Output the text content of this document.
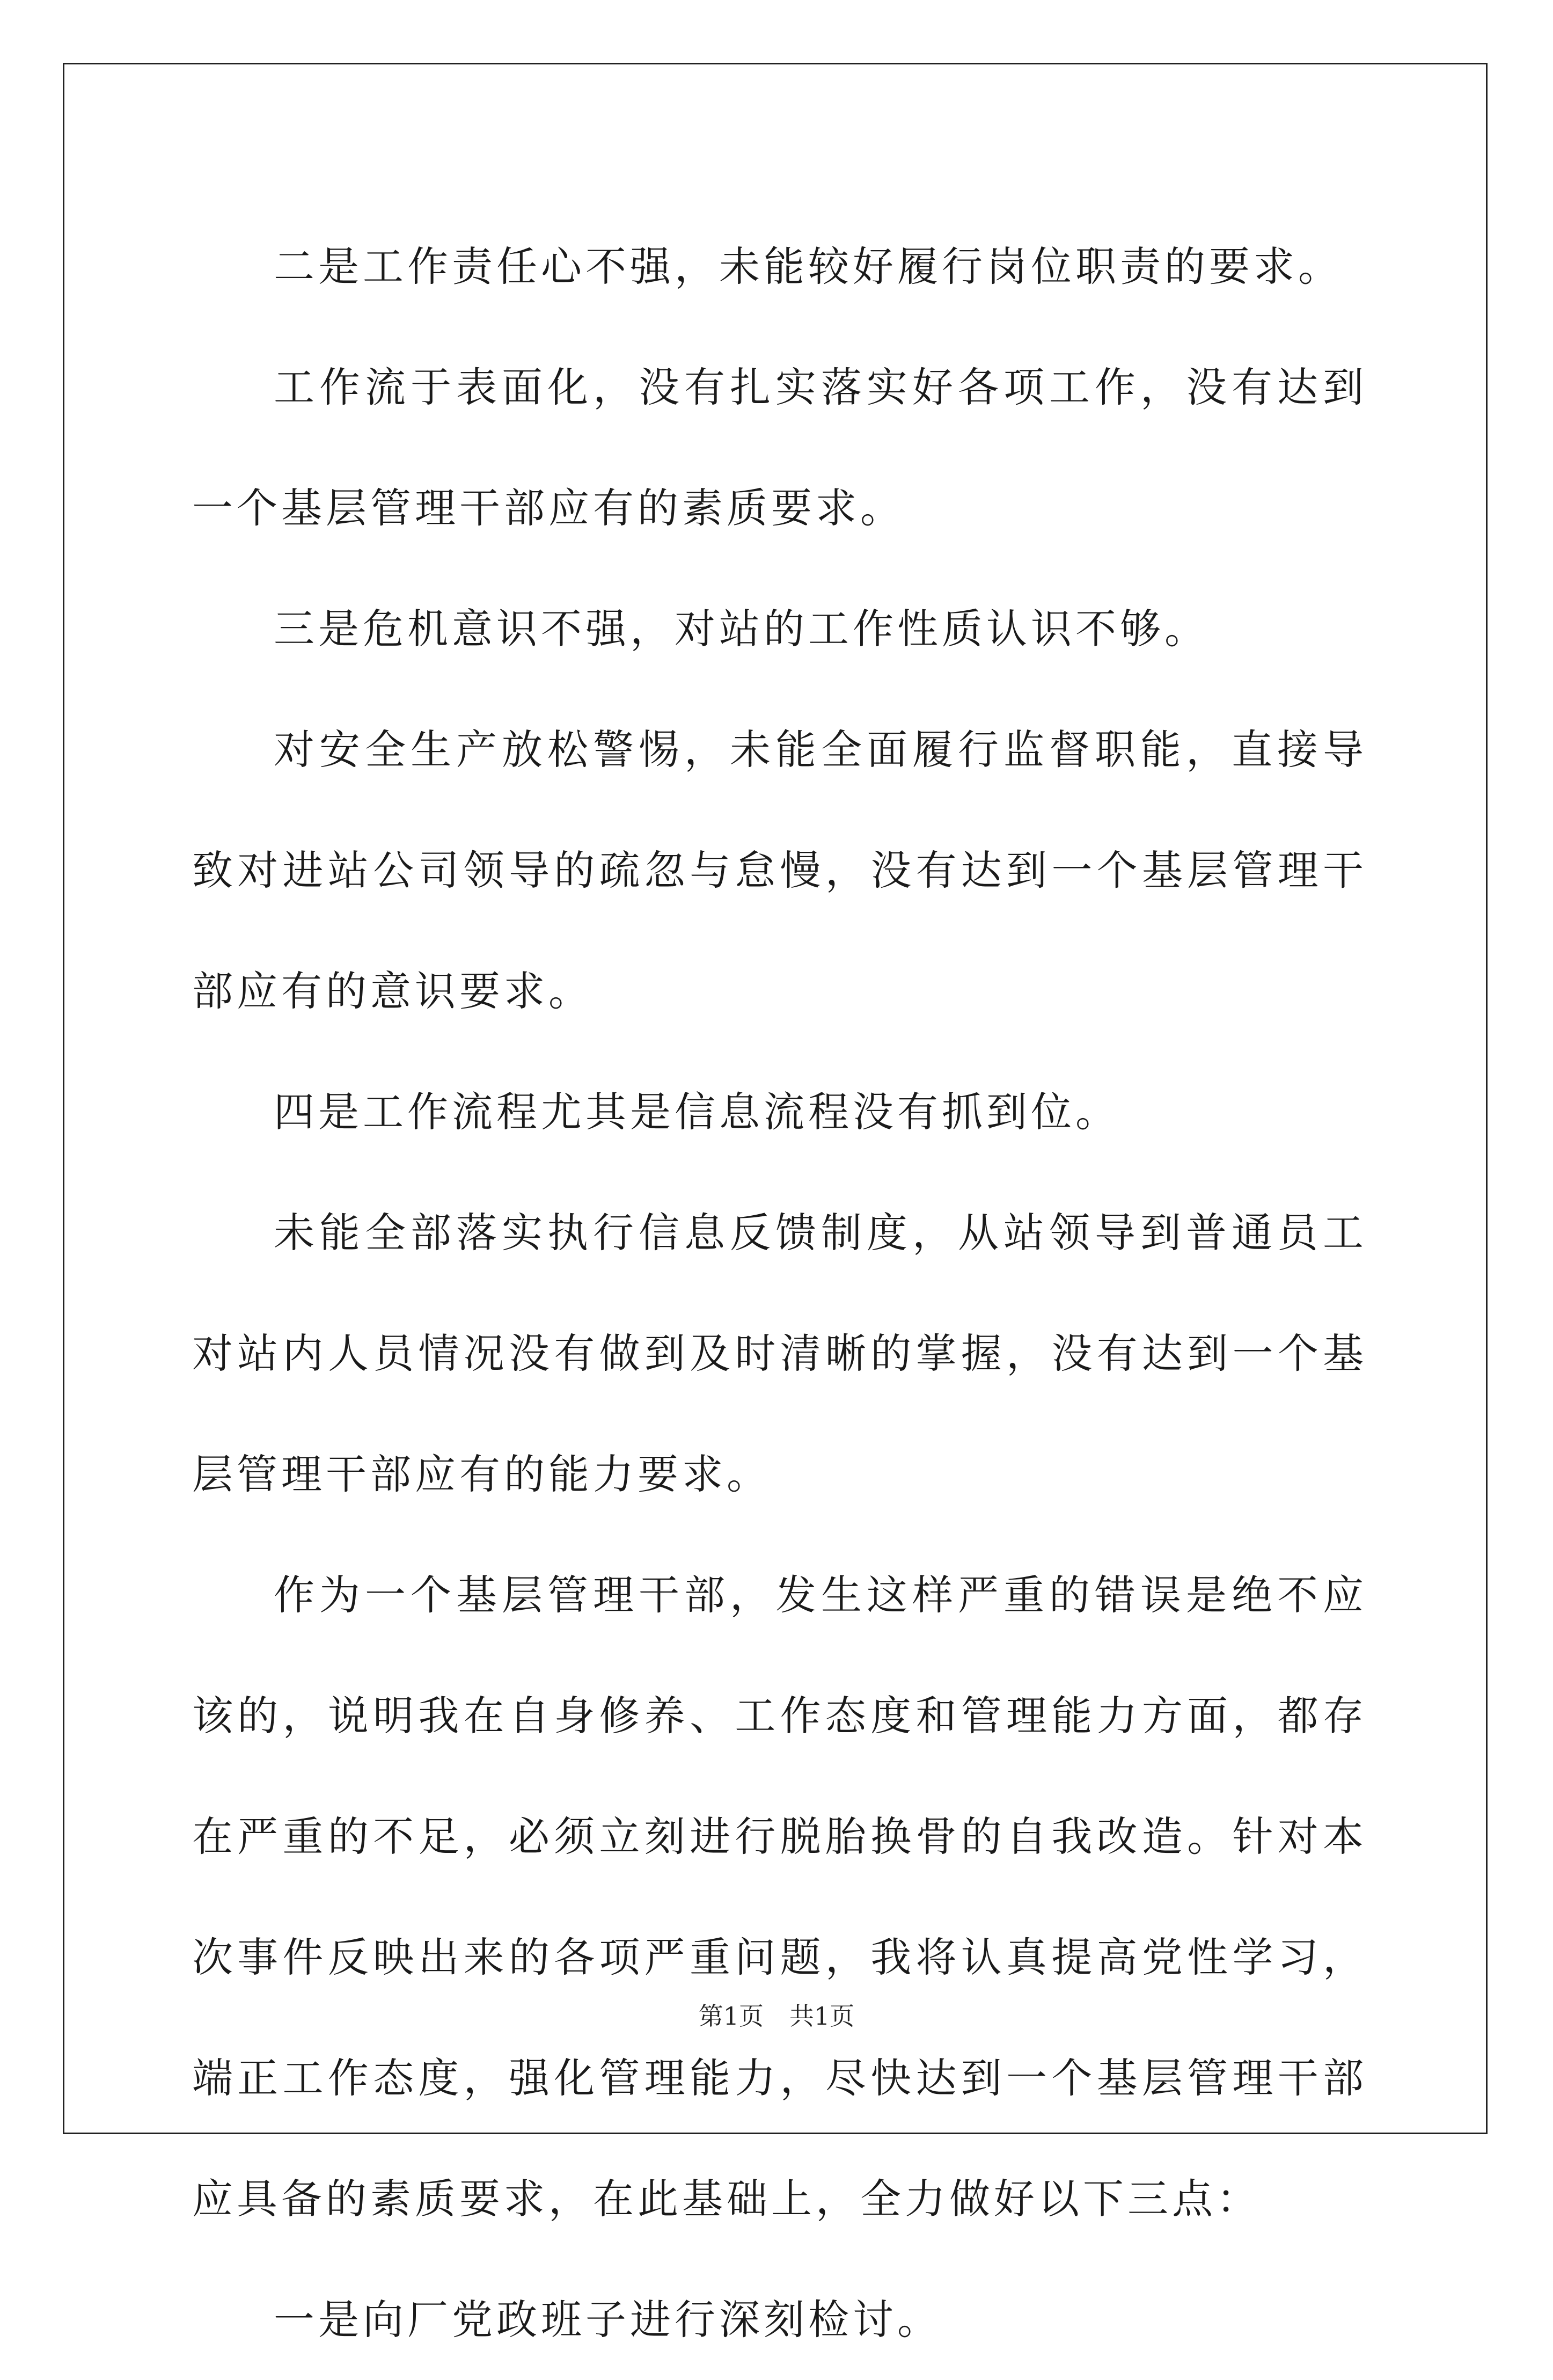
二是工作责任心不强，未能较好履行岗位职责的要求。

工作流于表面化，没有扎实落实好各项工作，没有达到一个基层管理干部应有的素质要求。

三是危机意识不强，对站的工作性质认识不够。

对安全生产放松警惕，未能全面履行监督职能，直接导致对进站公司领导的疏忽与怠慢，没有达到一个基层管理干部应有的意识要求。

四是工作流程尤其是信息流程没有抓到位。

未能全部落实执行信息反馈制度，从站领导到普通员工对站内人员情况没有做到及时清晰的掌握，没有达到一个基层管理干部应有的能力要求。

作为一个基层管理干部，发生这样严重的错误是绝不应该的，说明我在自身修养、工作态度和管理能力方面，都存在严重的不足，必须立刻进行脱胎换骨的自我改造。针对本次事件反映出来的各项严重问题，我将认真提高党性学习，端正工作态度，强化管理能力，尽快达到一个基层管理干部应具备的素质要求，在此基础上，全力做好以下三点：

一是向厂党政班子进行深刻检讨。

第1页 共1页
